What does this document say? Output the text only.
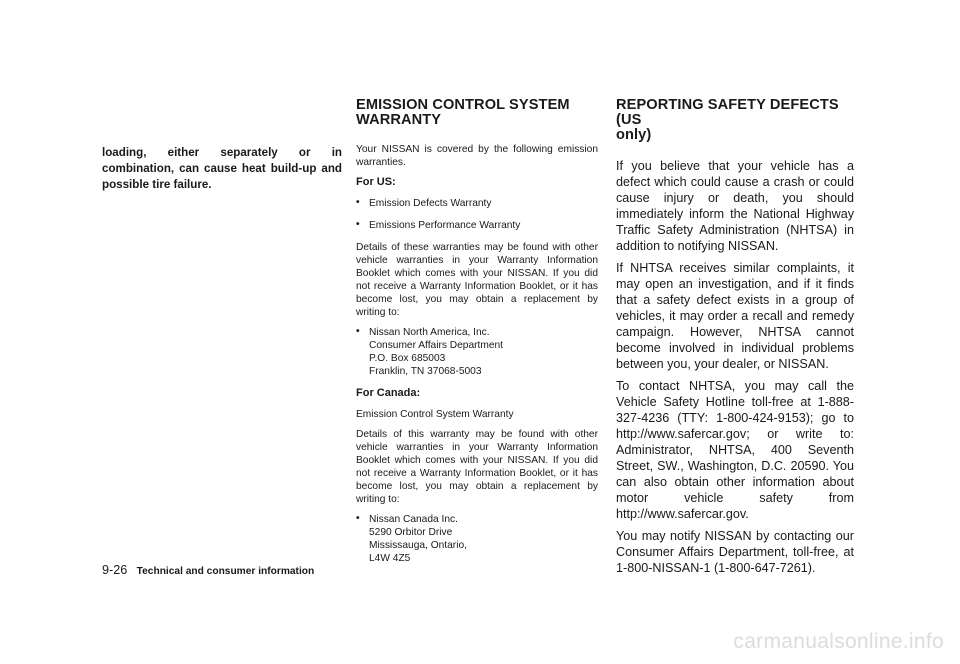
loading, either separately or in combination, can cause heat build-up and possible tire failure.

EMISSION CONTROL SYSTEM
WARRANTY

Your NISSAN is covered by the following emission warranties.

For US:
• Emission Defects Warranty
• Emissions Performance Warranty

Details of these warranties may be found with other vehicle warranties in your Warranty Information Booklet which comes with your NISSAN. If you did not receive a Warranty Information Booklet, or it has become lost, you may obtain a replacement by writing to:

• Nissan North America, Inc.
Consumer Affairs Department
P.O. Box 685003
Franklin, TN 37068-5003
For Canada:

Emission Control System Warranty

Details of this warranty may be found with other vehicle warranties in your Warranty Information Booklet which comes with your NISSAN. If you did not receive a Warranty Information Booklet, or it has become lost, you may obtain a replacement by writing to:

• Nissan Canada Inc.
5290 Orbitor Drive
Mississauga, Ontario,
L4W 4Z5
REPORTING SAFETY DEFECTS (US
only)

If you believe that your vehicle has a defect which could cause a crash or could cause injury or death, you should immediately inform the National Highway Traffic Safety Administration (NHTSA) in addition to notifying NISSAN.

If NHTSA receives similar complaints, it may open an investigation, and if it finds that a safety defect exists in a group of vehicles, it may order a recall and remedy campaign. However, NHTSA cannot become involved in individual problems between you, your dealer, or NISSAN.

To contact NHTSA, you may call the Vehicle Safety Hotline toll-free at 1-888-327-4236 (TTY: 1-800-424-9153); go to http://www.safercar.gov; or write to: Administrator, NHTSA, 400 Seventh Street, SW., Washington, D.C. 20590. You can also obtain other information about motor vehicle safety from http://www.safercar.gov.

You may notify NISSAN by contacting our Consumer Affairs Department, toll-free, at 1-800-NISSAN-1 (1-800-647-7261).

9-26 Technical and consumer information
carmanualsonline.info
